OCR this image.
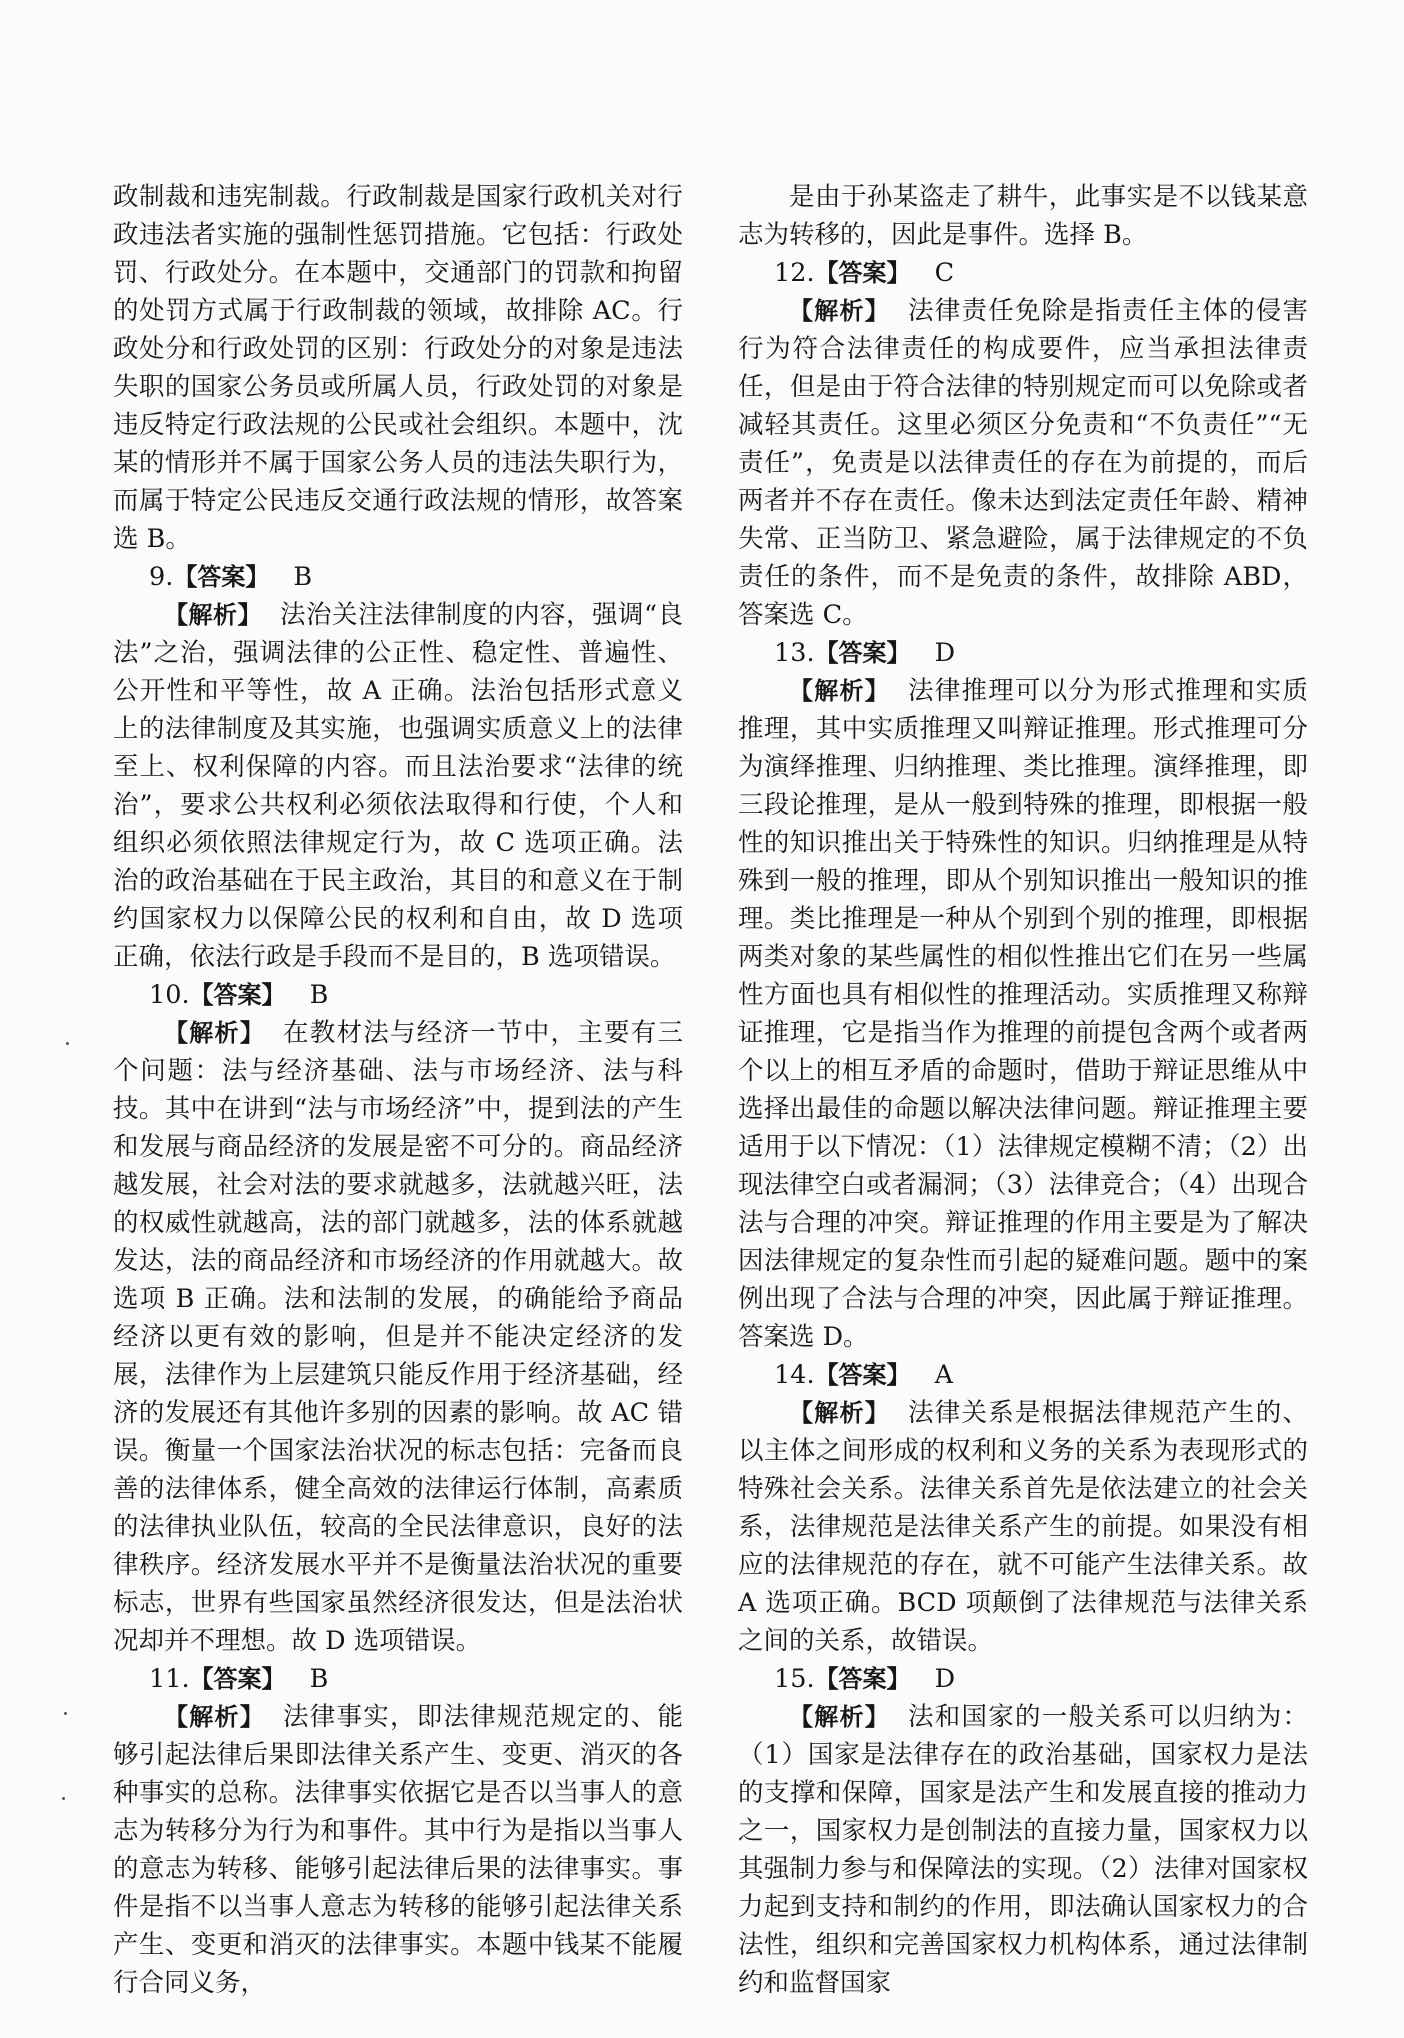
政制裁和违宪制裁。行政制裁是国家行政机关对行政违法者实施的强制性惩罚措施。它包括：行政处罚、行政处分。在本题中，交通部门的罚款和拘留的处罚方式属于行政制裁的领域，故排除 AC。行政处分和行政处罚的区别：行政处分的对象是违法失职的国家公务员或所属人员，行政处罚的对象是违反特定行政法规的公民或社会组织。本题中，沈某的情形并不属于国家公务人员的违法失职行为，而属于特定公民违反交通行政法规的情形，故答案选 B。

9.【答案】 B

【解析】 法治关注法律制度的内容，强调“良法”之治，强调法律的公正性、稳定性、普遍性、公开性和平等性，故 A 正确。法治包括形式意义上的法律制度及其实施，也强调实质意义上的法律至上、权利保障的内容。而且法治要求“法律的统治”，要求公共权利必须依法取得和行使，个人和组织必须依照法律规定行为，故 C 选项正确。法治的政治基础在于民主政治，其目的和意义在于制约国家权力以保障公民的权利和自由，故 D 选项正确，依法行政是手段而不是目的，B 选项错误。

10.【答案】 B

【解析】 在教材法与经济一节中，主要有三个问题：法与经济基础、法与市场经济、法与科技。其中在讲到“法与市场经济”中，提到法的产生和发展与商品经济的发展是密不可分的。商品经济越发展，社会对法的要求就越多，法就越兴旺，法的权威性就越高，法的部门就越多，法的体系就越发达，法的商品经济和市场经济的作用就越大。故选项 B 正确。法和法制的发展，的确能给予商品经济以更有效的影响，但是并不能决定经济的发展，法律作为上层建筑只能反作用于经济基础，经济的发展还有其他许多别的因素的影响。故 AC 错误。衡量一个国家法治状况的标志包括：完备而良善的法律体系，健全高效的法律运行体制，高素质的法律执业队伍，较高的全民法律意识，良好的法律秩序。经济发展水平并不是衡量法治状况的重要标志，世界有些国家虽然经济很发达，但是法治状况却并不理想。故 D 选项错误。

11.【答案】 B

【解析】 法律事实，即法律规范规定的、能够引起法律后果即法律关系产生、变更、消灭的各种事实的总称。法律事实依据它是否以当事人的意志为转移分为行为和事件。其中行为是指以当事人的意志为转移、能够引起法律后果的法律事实。事件是指不以当事人意志为转移的能够引起法律关系产生、变更和消灭的法律事实。本题中钱某不能履行合同义务，

是由于孙某盗走了耕牛，此事实是不以钱某意志为转移的，因此是事件。选择 B。

12.【答案】 C

【解析】 法律责任免除是指责任主体的侵害行为符合法律责任的构成要件，应当承担法律责任，但是由于符合法律的特别规定而可以免除或者减轻其责任。这里必须区分免责和“不负责任”“无责任”，免责是以法律责任的存在为前提的，而后两者并不存在责任。像未达到法定责任年龄、精神失常、正当防卫、紧急避险，属于法律规定的不负责任的条件，而不是免责的条件，故排除 ABD，答案选 C。

13.【答案】 D

【解析】 法律推理可以分为形式推理和实质推理，其中实质推理又叫辩证推理。形式推理可分为演绎推理、归纳推理、类比推理。演绎推理，即三段论推理，是从一般到特殊的推理，即根据一般性的知识推出关于特殊性的知识。归纳推理是从特殊到一般的推理，即从个别知识推出一般知识的推理。类比推理是一种从个别到个别的推理，即根据两类对象的某些属性的相似性推出它们在另一些属性方面也具有相似性的推理活动。实质推理又称辩证推理，它是指当作为推理的前提包含两个或者两个以上的相互矛盾的命题时，借助于辩证思维从中选择出最佳的命题以解决法律问题。辩证推理主要适用于以下情况：（1）法律规定模糊不清；（2）出现法律空白或者漏洞；（3）法律竞合；（4）出现合法与合理的冲突。辩证推理的作用主要是为了解决因法律规定的复杂性而引起的疑难问题。题中的案例出现了合法与合理的冲突，因此属于辩证推理。答案选 D。

14.【答案】 A

【解析】 法律关系是根据法律规范产生的、以主体之间形成的权利和义务的关系为表现形式的特殊社会关系。法律关系首先是依法建立的社会关系，法律规范是法律关系产生的前提。如果没有相应的法律规范的存在，就不可能产生法律关系。故 A 选项正确。BCD 项颠倒了法律规范与法律关系之间的关系，故错误。

15.【答案】 D

【解析】 法和国家的一般关系可以归纳为：（1）国家是法律存在的政治基础，国家权力是法的支撑和保障，国家是法产生和发展直接的推动力之一，国家权力是创制法的直接力量，国家权力以其强制力参与和保障法的实现。（2）法律对国家权力起到支持和制约的作用，即法确认国家权力的合法性，组织和完善国家权力机构体系，通过法律制约和监督国家
